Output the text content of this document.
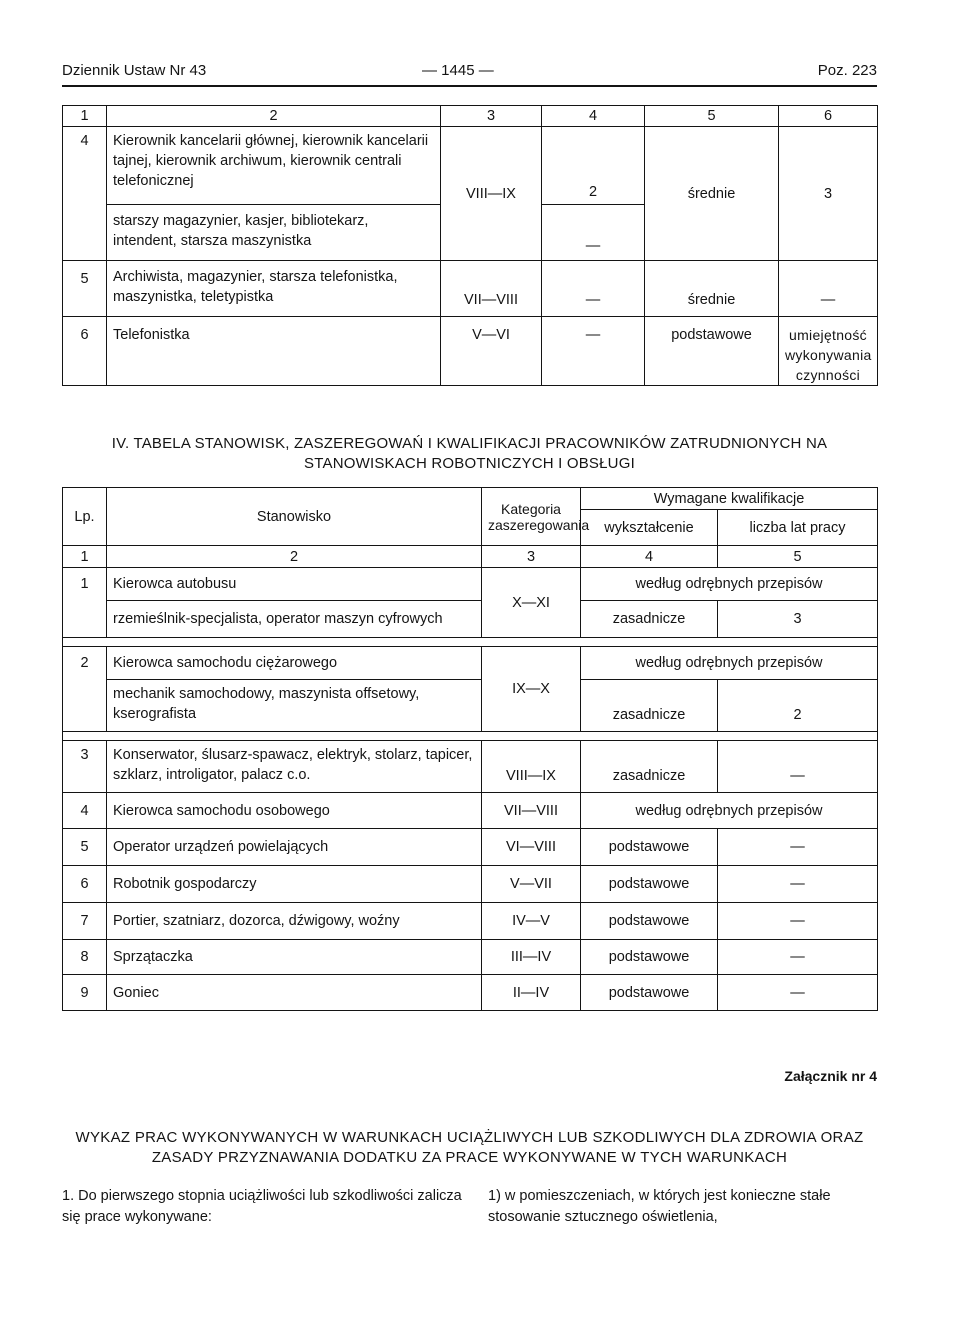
Dziennik Ustaw Nr 43	— 1445 —	Poz. 223
1	2	3	4	5	6
4	Kierownik kancelarii głównej, kierownik kancelarii tajnej, kierownik archiwum, kierownik centrali telefonicznej	VIII—IX	2	średnie	3
	starszy magazynier, kasjer, bibliotekarz, intendent, starsza maszynistka		—		
5	Archiwista, magazynier, starsza telefonistka, maszynistka, teletypistka	VII—VIII	—	średnie	—
6	Telefonistka	V—VI	—	podstawowe	umiejętność wykonywania czynności
IV. TABELA STANOWISK, ZASZEREGOWAŃ I KWALIFIKACJI PRACOWNIKÓW ZATRUDNIONYCH NA STANOWISKACH ROBOTNICZYCH I OBSŁUGI
Lp.	Stanowisko	Kategoria zaszeregowania	Wymagane kwalifikacje	
			wykształcenie	liczba lat pracy
1	2	3	4	5
1	Kierowca autobusu	X—XI	według odrębnych przepisów	
	rzemieślnik-specjalista, operator maszyn cyfrowych		zasadnicze	3

2	Kierowca samochodu ciężarowego	IX—X	według odrębnych przepisów	
	mechanik samochodowy, maszynista offsetowy, kserografista		zasadnicze	2

3	Konserwator, ślusarz-spawacz, elektryk, stolarz, tapicer, szklarz, introligator, palacz c.o.	VIII—IX	zasadnicze	—
4	Kierowca samochodu osobowego	VII—VIII	według odrębnych przepisów	
5	Operator urządzeń powielających	VI—VIII	podstawowe	—
6	Robotnik gospodarczy	V—VII	podstawowe	—
7	Portier, szatniarz, dozorca, dźwigowy, woźny	IV—V	podstawowe	—
8	Sprzątaczka	III—IV	podstawowe	—
9	Goniec	II—IV	podstawowe	—
Załącznik nr 4
WYKAZ PRAC WYKONYWANYCH W WARUNKACH UCIĄŻLIWYCH LUB SZKODLIWYCH DLA ZDROWIA ORAZ ZASADY PRZYZNAWANIA DODATKU ZA PRACE WYKONYWANE W TYCH WARUNKACH
1. Do pierwszego stopnia uciążliwości lub szkodliwości zalicza się prace wykonywane:
1) w pomieszczeniach, w których jest konieczne stałe stosowanie sztucznego oświetlenia,
